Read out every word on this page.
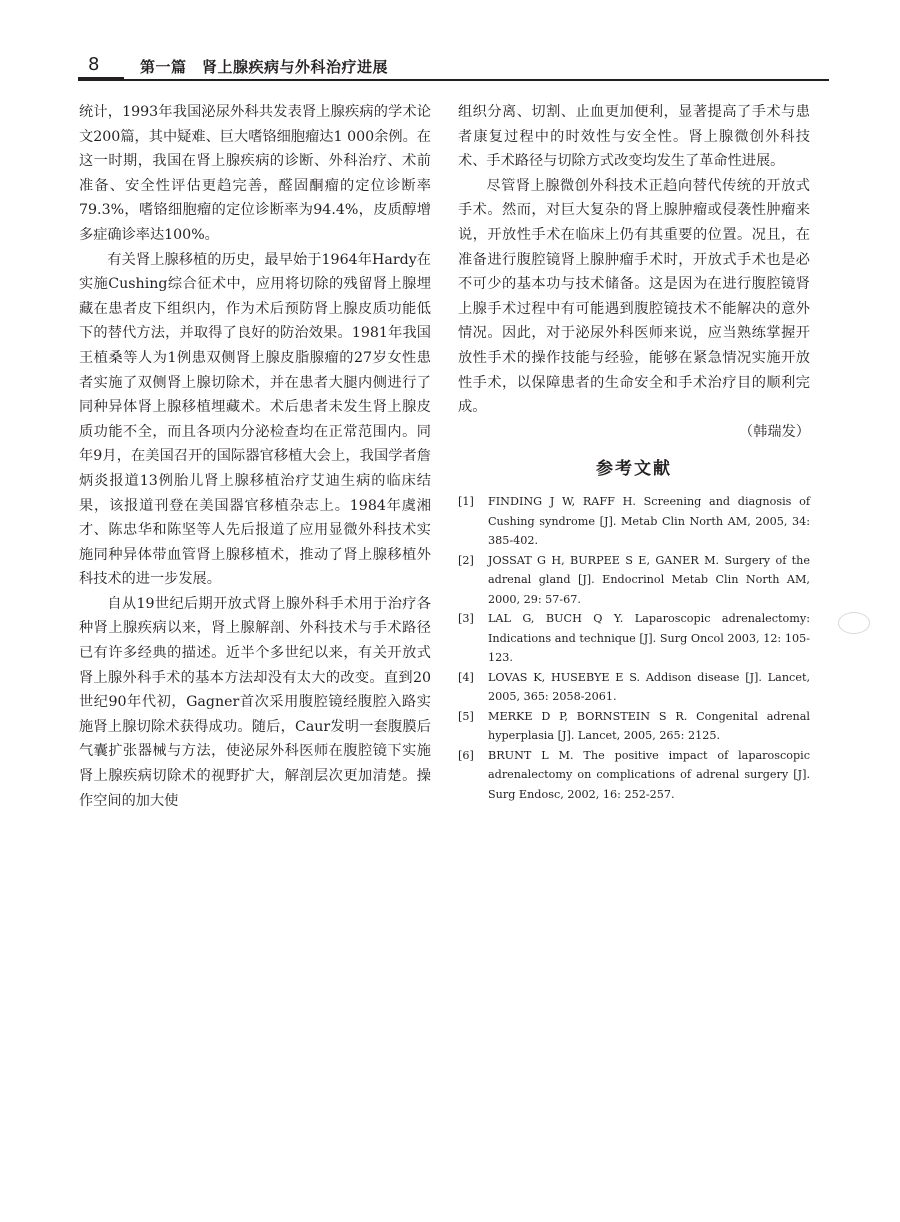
8	第一篇　肾上腺疾病与外科治疗进展

统计，1993年我国泌尿外科共发表肾上腺疾病的学术论文200篇，其中疑难、巨大嗜铬细胞瘤达1 000余例。在这一时期，我国在肾上腺疾病的诊断、外科治疗、术前准备、安全性评估更趋完善，醛固酮瘤的定位诊断率79.3%，嗜铬细胞瘤的定位诊断率为94.4%，皮质醇增多症确诊率达100%。

有关肾上腺移植的历史，最早始于1964年Hardy在实施Cushing综合征术中，应用将切除的残留肾上腺埋藏在患者皮下组织内，作为术后预防肾上腺皮质功能低下的替代方法，并取得了良好的防治效果。1981年我国王植桑等人为1例患双侧肾上腺皮脂腺瘤的27岁女性患者实施了双侧肾上腺切除术，并在患者大腿内侧进行了同种异体肾上腺移植埋藏术。术后患者未发生肾上腺皮质功能不全，而且各项内分泌检查均在正常范围内。同年9月，在美国召开的国际器官移植大会上，我国学者詹炳炎报道13例胎儿肾上腺移植治疗艾迪生病的临床结果，该报道刊登在美国器官移植杂志上。1984年虞湘才、陈忠华和陈坚等人先后报道了应用显微外科技术实施同种异体带血管肾上腺移植术，推动了肾上腺移植外科技术的进一步发展。

自从19世纪后期开放式肾上腺外科手术用于治疗各种肾上腺疾病以来，肾上腺解剖、外科技术与手术路径已有许多经典的描述。近半个多世纪以来，有关开放式肾上腺外科手术的基本方法却没有太大的改变。直到20世纪90年代初，Gagner首次采用腹腔镜经腹腔入路实施肾上腺切除术获得成功。随后，Caur发明一套腹膜后气囊扩张器械与方法，使泌尿外科医师在腹腔镜下实施肾上腺疾病切除术的视野扩大，解剖层次更加清楚。操作空间的加大使

组织分离、切割、止血更加便利，显著提高了手术与患者康复过程中的时效性与安全性。肾上腺微创外科技术、手术路径与切除方式改变均发生了革命性进展。

尽管肾上腺微创外科技术正趋向替代传统的开放式手术。然而，对巨大复杂的肾上腺肿瘤或侵袭性肿瘤来说，开放性手术在临床上仍有其重要的位置。况且，在准备进行腹腔镜肾上腺肿瘤手术时，开放式手术也是必不可少的基本功与技术储备。这是因为在进行腹腔镜肾上腺手术过程中有可能遇到腹腔镜技术不能解决的意外情况。因此，对于泌尿外科医师来说，应当熟练掌握开放性手术的操作技能与经验，能够在紧急情况实施开放性手术，以保障患者的生命安全和手术治疗目的顺利完成。

（韩瑞发）

参考文献
[1]	FINDING J W, RAFF H. Screening and diagnosis of Cushing syndrome [J]. Metab Clin North AM, 2005, 34: 385-402.
[2]	JOSSAT G H, BURPEE S E, GANER M. Surgery of the adrenal gland [J]. Endocrinol Metab Clin North AM, 2000, 29: 57-67.
[3]	LAL G, BUCH Q Y. Laparoscopic adrenalectomy: Indications and technique [J]. Surg Oncol 2003, 12: 105-123.
[4]	LOVAS K, HUSEBYE E S. Addison disease [J]. Lancet, 2005, 365: 2058-2061.
[5]	MERKE D P, BORNSTEIN S R. Congenital adrenal hyperplasia [J]. Lancet, 2005, 265: 2125.
[6]	BRUNT L M. The positive impact of laparoscopic adrenalectomy on complications of adrenal surgery [J]. Surg Endosc, 2002, 16: 252-257.
